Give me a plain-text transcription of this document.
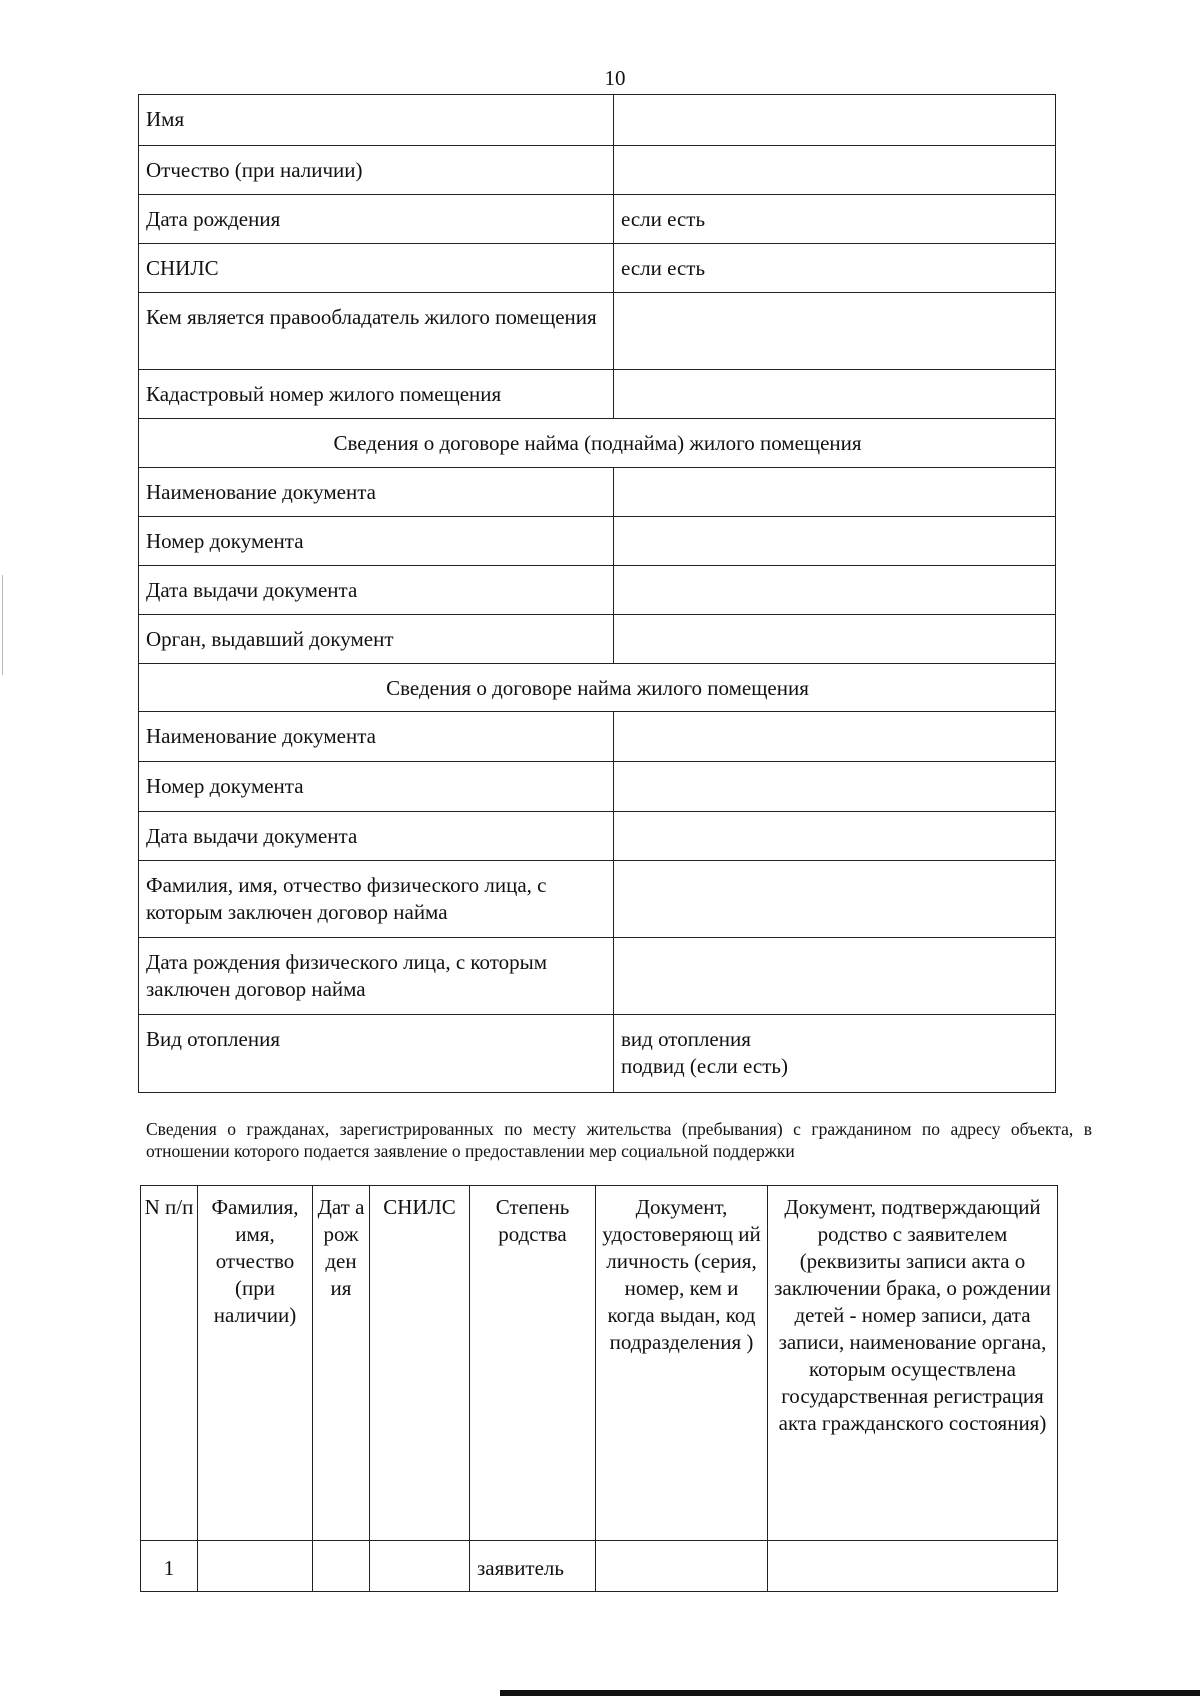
10
Имя	
Отчество (при наличии)	
Дата рождения	если есть
СНИЛС	если есть
Кем является правообладатель жилого помещения	
Кадастровый номер жилого помещения	
Сведения о договоре найма (поднайма) жилого помещения	
Наименование документа	
Номер документа	
Дата выдачи документа	
Орган, выдавший документ	
Сведения о договоре найма жилого помещения	
Наименование документа	
Номер документа	
Дата выдачи документа	
Фамилия, имя, отчество физического лица, с которым заключен договор найма	
Дата рождения физического лица, с которым заключен договор найма	
Вид отопления	вид отопления
подвид (если есть)
Сведения о гражданах, зарегистрированных по месту жительства (пребывания) с гражданином по адресу объекта, в отношении которого подается заявление о предоставлении мер социальной поддержки
N п/п	Фамилия, имя, отчество (при наличии)	Дат а рож ден ия	СНИЛС	Степень родства	Документ, удостоверяющ ий личность (серия, номер, кем и когда выдан, код подразделения )	Документ, подтверждающий родство с заявителем (реквизиты записи акта о заключении брака, о рождении детей - номер записи, дата записи, наименование органа, которым осуществлена государственная регистрация акта гражданского состояния)
1				заявитель		
